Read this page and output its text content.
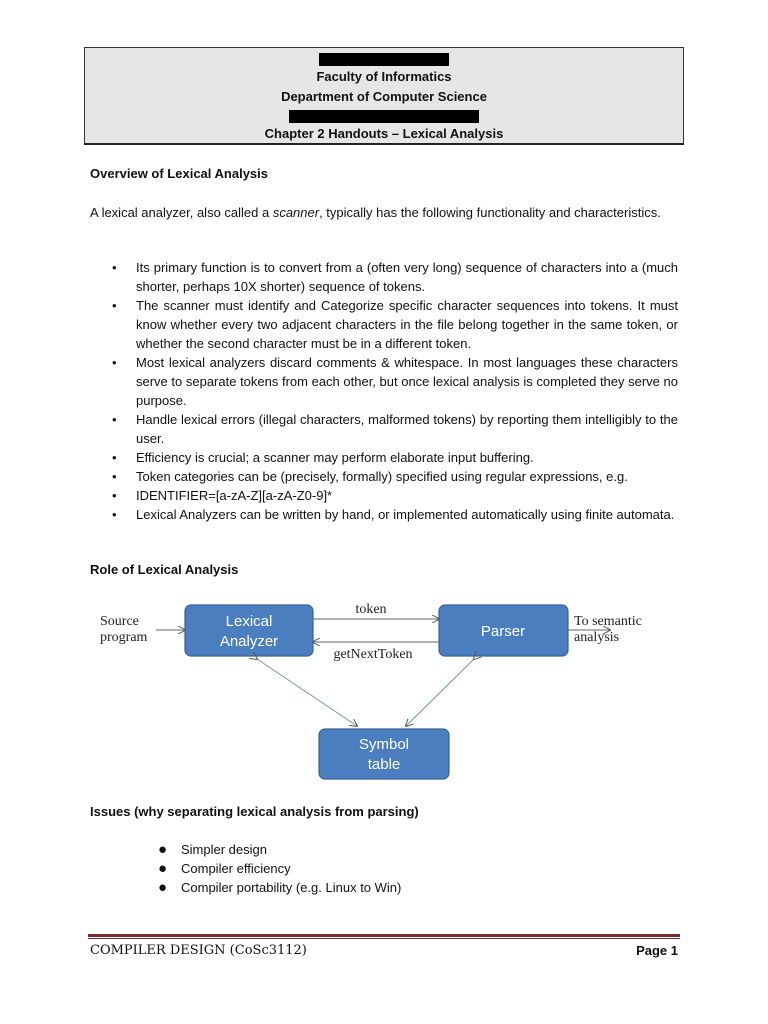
Faculty of Informatics
Department of Computer Science
Chapter 2 Handouts – Lexical Analysis
Overview of Lexical Analysis
A lexical analyzer, also called a scanner, typically has the following functionality and characteristics.
• Its primary function is to convert from a (often very long) sequence of characters into a (much shorter, perhaps 10X shorter) sequence of tokens.
• The scanner must identify and Categorize specific character sequences into tokens. It must know whether every two adjacent characters in the file belong together in the same token, or whether the second character must be in a different token.
• Most lexical analyzers discard comments & whitespace. In most languages these characters serve to separate tokens from each other, but once lexical analysis is completed they serve no purpose.
• Handle lexical errors (illegal characters, malformed tokens) by reporting them intelligibly to the user.
• Efficiency is crucial; a scanner may perform elaborate input buffering.
• Token categories can be (precisely, formally) specified using regular expressions, e.g.
• IDENTIFIER=[a-zA-Z][a-zA-Z0-9]*
• Lexical Analyzers can be written by hand, or implemented automatically using finite automata.
Role of Lexical Analysis
Source
program
Lexical
Analyzer
token
getNextToken
Parser
To semantic
analysis
Symbol
table
Issues (why separating lexical analysis from parsing)
● Simpler design
● Compiler efficiency
● Compiler portability (e.g. Linux to Win)
COMPILER DESIGN (CoSc3112)	Page 1
